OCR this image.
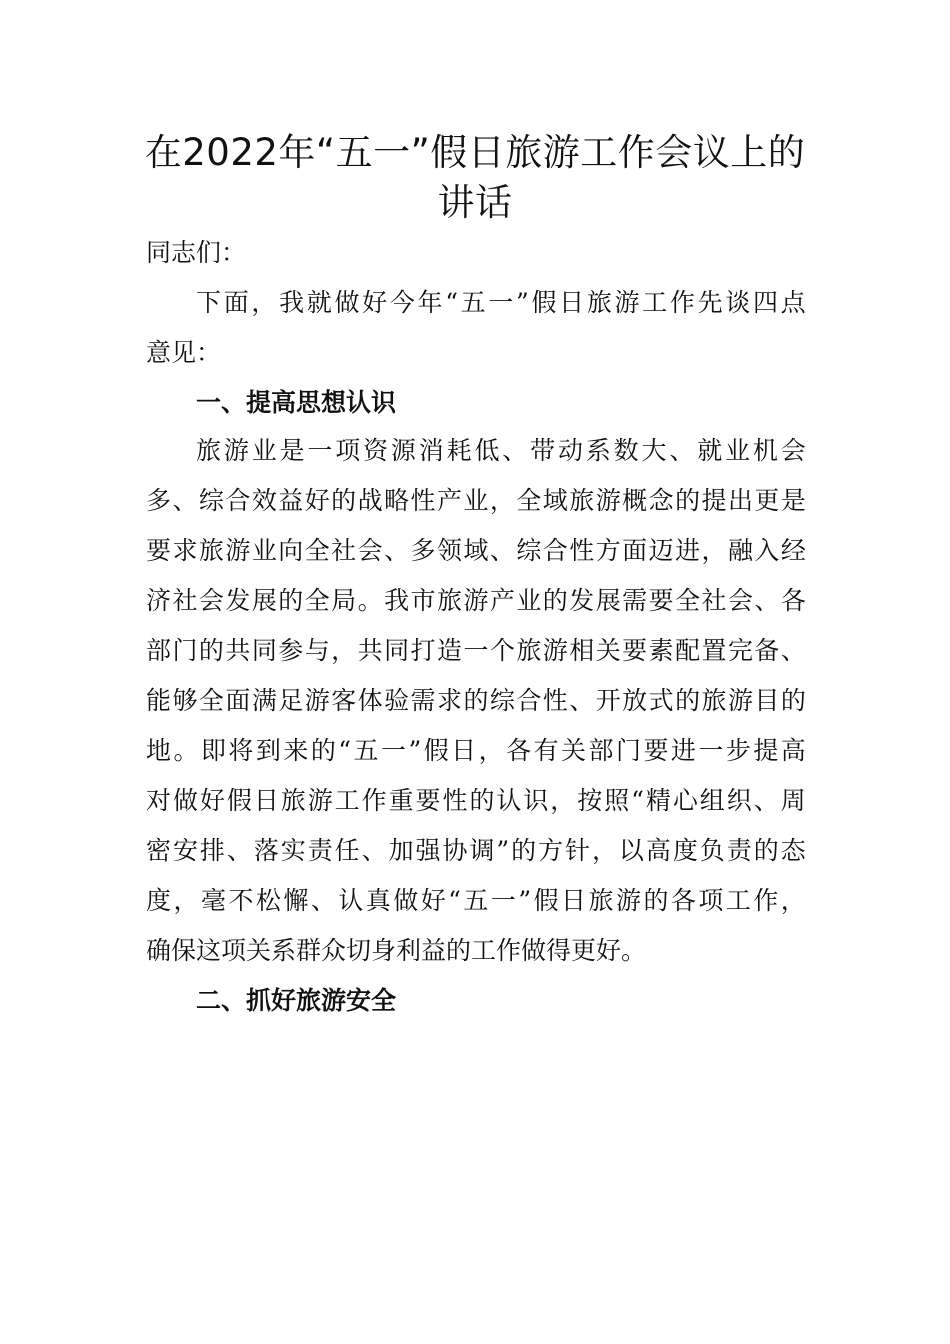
在2022年“五一”假日旅游工作会议上的
讲话
同志们：
下 面 ， 我 就 做 好 今 年 “ 五 一 ” 假 日 旅 游 工 作 先 谈 四 点
意见：
一、提高思想认识
旅 游 业 是 一 项 资 源 消 耗 低 、 带 动 系 数 大 、 就 业 机 会
多 、 综 合 效 益 好 的 战 略 性 产 业 ， 全 域 旅 游 概 念 的 提 出 更 是
要 求 旅 游 业 向 全 社 会 、 多 领 域 、 综 合 性 方 面 迈 进 ， 融 入 经
济 社 会 发 展 的 全 局 。 我 市 旅 游 产 业 的 发 展 需 要 全 社 会 、 各
部 门 的 共 同 参 与 ， 共 同 打 造 一 个 旅 游 相 关 要 素 配 置 完 备 、
能 够 全 面 满 足 游 客 体 验 需 求 的 综 合 性 、 开 放 式 的 旅 游 目 的
地 。 即 将 到 来 的 “ 五 一 ” 假 日 ， 各 有 关 部 门 要 进 一 步 提 高
对 做 好 假 日 旅 游 工 作 重 要 性 的 认 识 ， 按 照 “ 精 心 组 织 、 周
密 安 排 、 落 实 责 任 、 加 强 协 调 ” 的 方 针 ， 以 高 度 负 责 的 态
度 ， 毫 不 松 懈 、 认 真 做 好 “ 五 一 ” 假 日 旅 游 的 各 项 工 作 ，
确保这项关系群众切身利益的工作做得更好。
二、抓好旅游安全
